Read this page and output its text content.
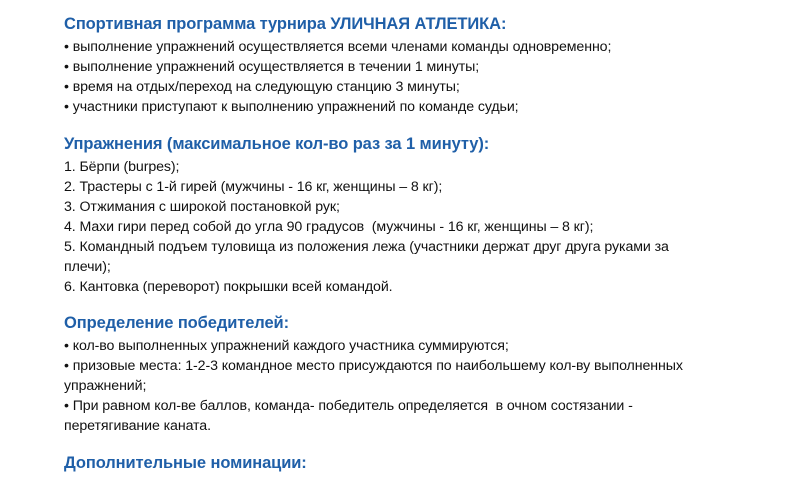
Спортивная программа турнира УЛИЧНАЯ АТЛЕТИКА:
• выполнение упражнений осуществляется всеми членами команды одновременно;
• выполнение упражнений осуществляется в течении 1 минуты;
• время на отдых/переход на следующую станцию 3 минуты;
• участники приступают к выполнению упражнений по команде судьи;
Упражнения (максимальное кол-во раз за 1 минуту):
1. Бёрпи (burpes);
2. Трастеры с 1-й гирей (мужчины - 16 кг, женщины – 8 кг);
3. Отжимания с широкой постановкой рук;
4. Махи гири перед собой до угла 90 градусов  (мужчины - 16 кг, женщины – 8 кг);
5. Командный подъем туловища из положения лежа (участники держат друг друга руками за
плечи);
6. Кантовка (переворот) покрышки всей командой.
Определение победителей:
• кол-во выполненных упражнений каждого участника суммируются;
• призовые места: 1-2-3 командное место присуждаются по наибольшему кол-ву выполненных
упражнений;
• При равном кол-ве баллов, команда- победитель определяется  в очном состязании -
перетягивание каната.
Дополнительные номинации:
